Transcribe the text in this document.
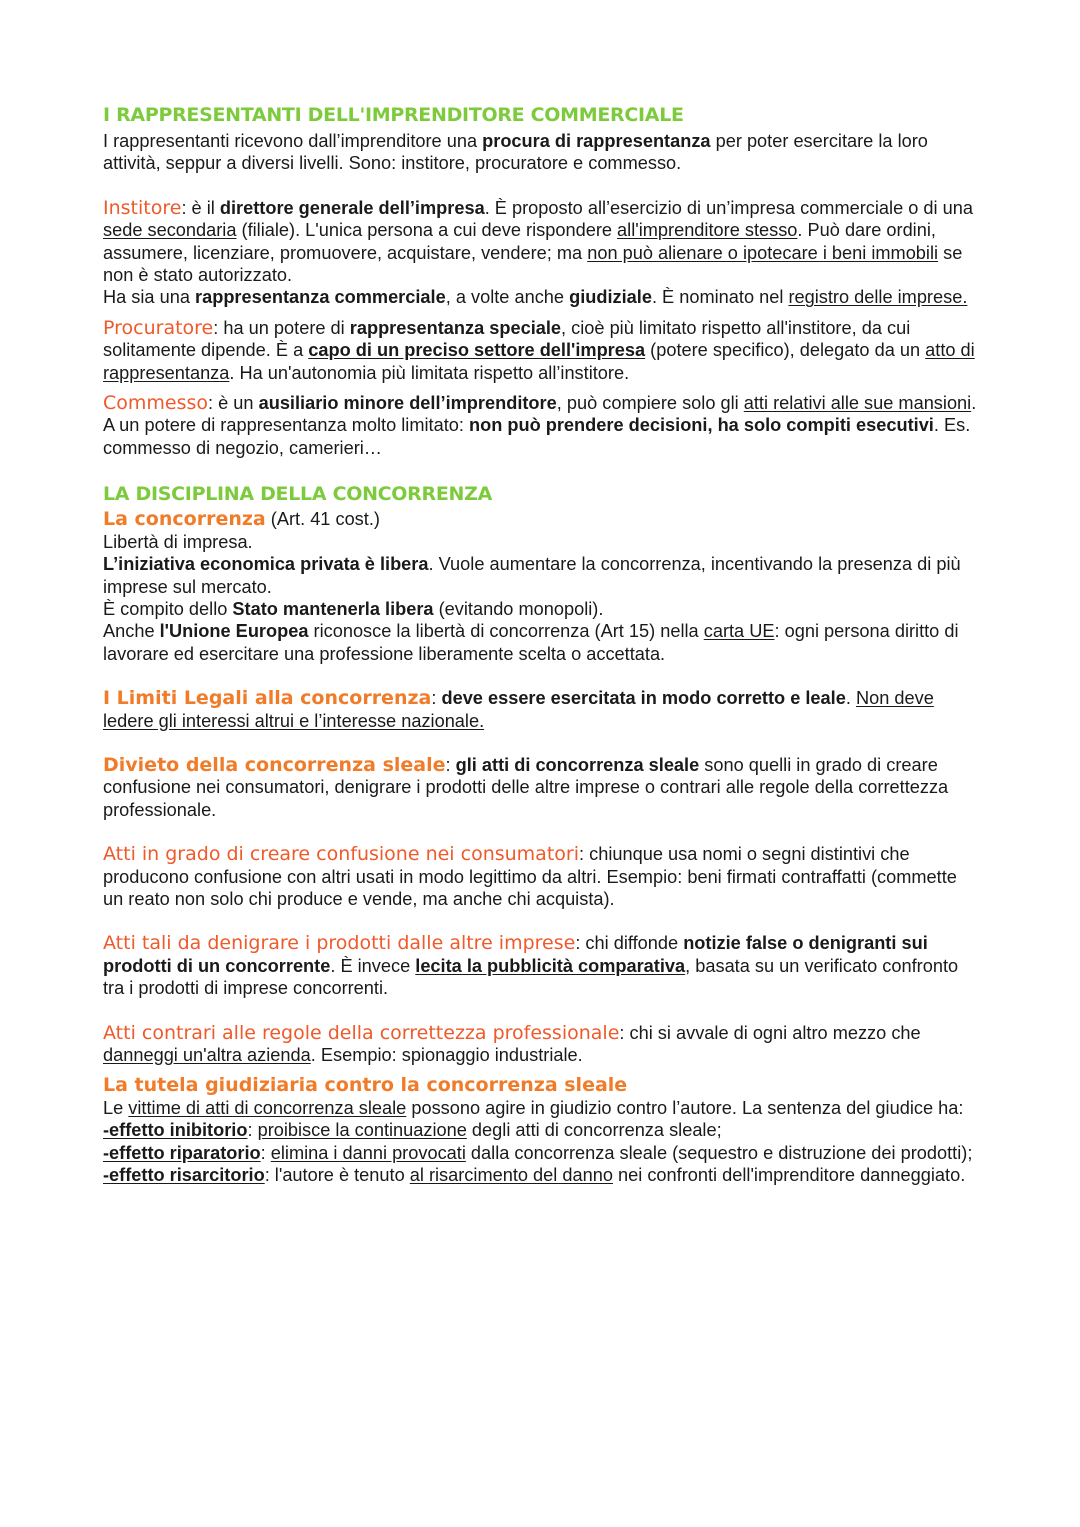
I RAPPRESENTANTI DELL'IMPRENDITORE COMMERCIALE

I rappresentanti ricevono dall’imprenditore una procura di rappresentanza per poter esercitare la loro attività, seppur a diversi livelli. Sono: institore, procuratore e commesso.

Institore: è il direttore generale dell’impresa. È proposto all’esercizio di un’impresa commerciale o di una sede secondaria (filiale). L'unica persona a cui deve rispondere all'imprenditore stesso. Può dare ordini, assumere, licenziare, promuovere, acquistare, vendere; ma non può alienare o ipotecare i beni immobili se non è stato autorizzato.
Ha sia una rappresentanza commerciale, a volte anche giudiziale. È nominato nel registro delle imprese.

Procuratore: ha un potere di rappresentanza speciale, cioè più limitato rispetto all'institore, da cui solitamente dipende. È a capo di un preciso settore dell'impresa (potere specifico), delegato da un atto di rappresentanza. Ha un'autonomia più limitata rispetto all’institore.

Commesso: è un ausiliario minore dell’imprenditore, può compiere solo gli atti relativi alle sue mansioni. A un potere di rappresentanza molto limitato: non può prendere decisioni, ha solo compiti esecutivi. Es. commesso di negozio, camerieri…

LA DISCIPLINA DELLA CONCORRENZA

La concorrenza (Art. 41 cost.)

Libertà di impresa.
L’iniziativa economica privata è libera. Vuole aumentare la concorrenza, incentivando la presenza di più imprese sul mercato.
È compito dello Stato mantenerla libera (evitando monopoli).
Anche l'Unione Europea riconosce la libertà di concorrenza (Art 15) nella carta UE: ogni persona diritto di lavorare ed esercitare una professione liberamente scelta o accettata.

I Limiti Legali alla concorrenza: deve essere esercitata in modo corretto e leale. Non deve ledere gli interessi altrui e l’interesse nazionale.

Divieto della concorrenza sleale: gli atti di concorrenza sleale sono quelli in grado di creare confusione nei consumatori, denigrare i prodotti delle altre imprese o contrari alle regole della correttezza professionale.

Atti in grado di creare confusione nei consumatori: chiunque usa nomi o segni distintivi che producono confusione con altri usati in modo legittimo da altri. Esempio: beni firmati contraffatti (commette un reato non solo chi produce e vende, ma anche chi acquista).

Atti tali da denigrare i prodotti dalle altre imprese: chi diffonde notizie false o denigranti sui prodotti di un concorrente. È invece lecita la pubblicità comparativa, basata su un verificato confronto tra i prodotti di imprese concorrenti.

Atti contrari alle regole della correttezza professionale: chi si avvale di ogni altro mezzo che danneggi un'altra azienda. Esempio: spionaggio industriale.

La tutela giudiziaria contro la concorrenza sleale

Le vittime di atti di concorrenza sleale possono agire in giudizio contro l’autore. La sentenza del giudice ha:
-effetto inibitorio: proibisce la continuazione degli atti di concorrenza sleale;
-effetto riparatorio: elimina i danni provocati dalla concorrenza sleale (sequestro e distruzione dei prodotti);
-effetto risarcitorio: l'autore è tenuto al risarcimento del danno nei confronti dell'imprenditore danneggiato.
